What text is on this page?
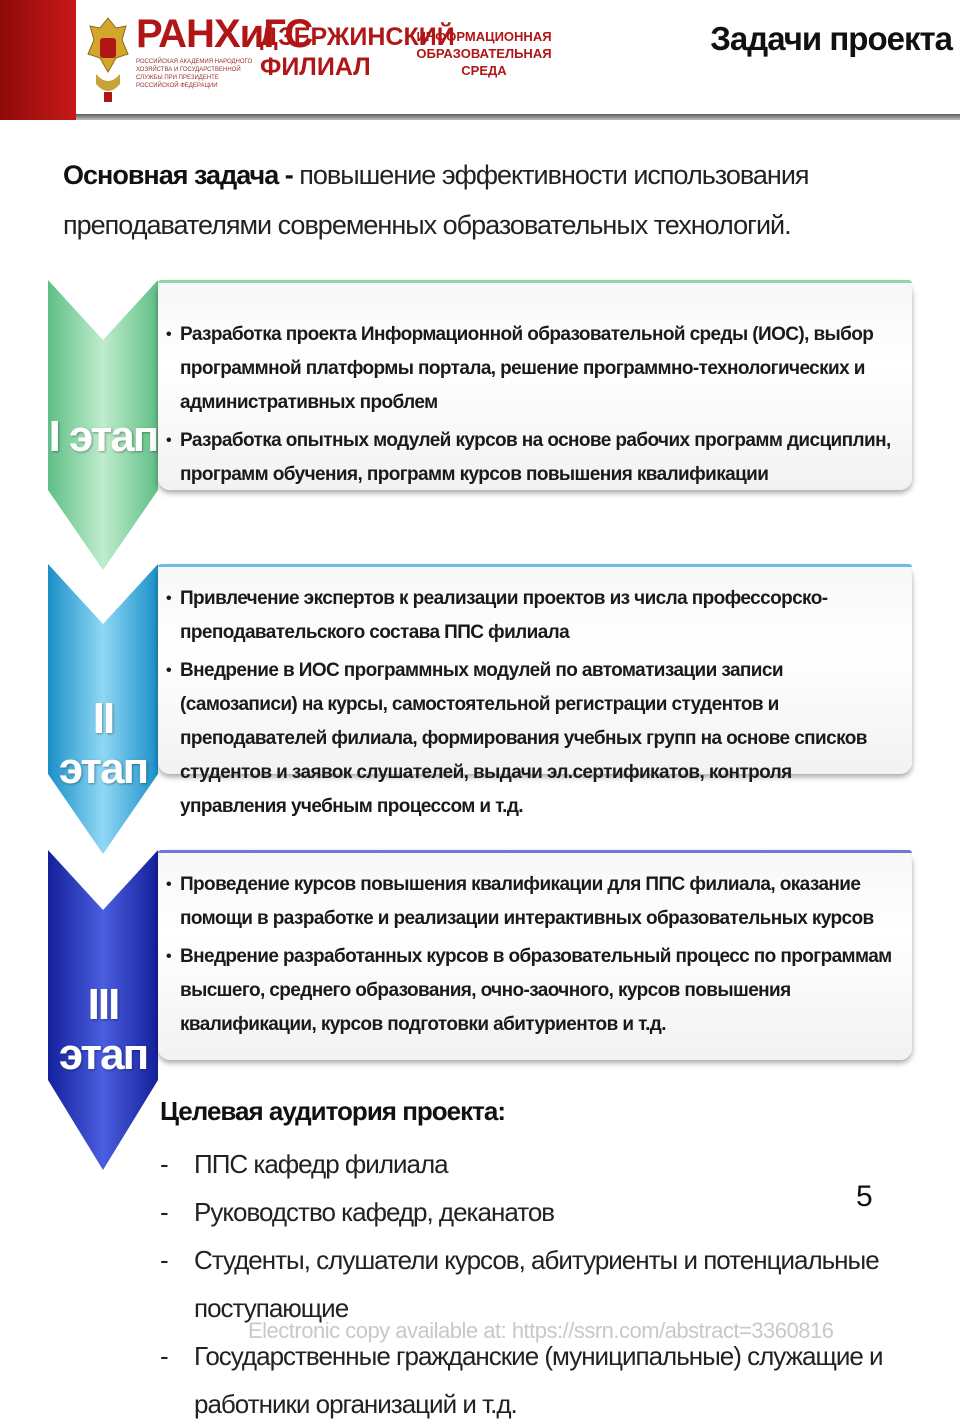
РАНХиГС
РОССИЙСКАЯ АКАДЕМИЯ НАРОДНОГО ХОЗЯЙСТВА И ГОСУДАРСТВЕННОЙ СЛУЖБЫ ПРИ ПРЕЗИДЕНТЕ РОССИЙСКОЙ ФЕДЕРАЦИИ
ДЗЕРЖИНСКИЙ
ФИЛИАЛ
ИНФОРМАЦИОННАЯ ОБРАЗОВАТЕЛЬНАЯ СРЕДА
Задачи проекта
Основная задача - повышение эффективности использования преподавателями современных образовательных технологий.
I этап
• Разработка проекта Информационной образовательной среды (ИОС), выбор программной платформы портала, решение программно-технологических и административных проблем
• Разработка опытных модулей курсов на основе рабочих программ дисциплин, программ обучения, программ курсов повышения квалификации
II этап
• Привлечение экспертов к реализации проектов из числа профессорско-преподавательского состава ППС филиала
• Внедрение в ИОС программных модулей по автоматизации записи (самозаписи) на курсы, самостоятельной регистрации студентов и преподавателей филиала, формирования учебных групп на основе списков студентов и заявок слушателей, выдачи эл.сертификатов, контроля управления учебным процессом и т.д.
III этап
• Проведение курсов повышения квалификации для ППС филиала, оказание помощи в разработке и реализации интерактивных образовательных курсов
• Внедрение разработанных курсов в образовательный процесс по программам высшего, среднего образования, очно-заочного, курсов повышения квалификации, курсов подготовки абитуриентов и т.д.
Целевая аудитория проекта:
- ППС кафедр филиала
- Руководство кафедр, деканатов
- Студенты, слушатели курсов, абитуриенты и потенциальные поступающие
- Государственные гражданские (муниципальные) служащие и работники организаций и т.д.
5
Electronic copy available at: https://ssrn.com/abstract=3360816
